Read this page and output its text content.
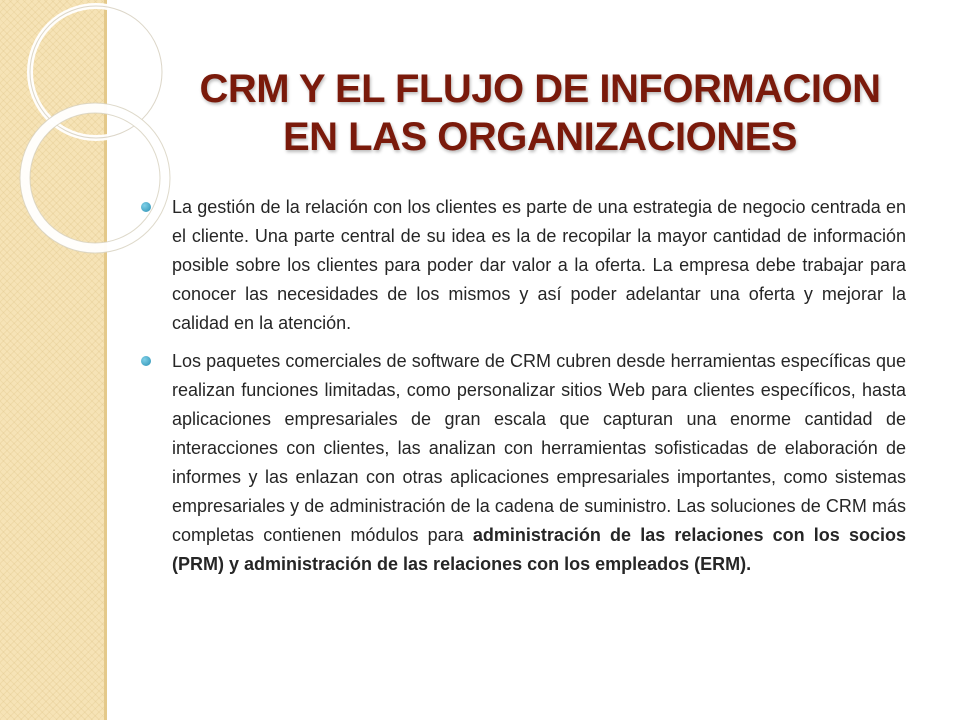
CRM Y EL FLUJO DE INFORMACION
EN LAS ORGANIZACIONES
La gestión de la relación con los clientes es parte de una estrategia de negocio centrada en el cliente. Una parte central de su idea es la de recopilar la mayor cantidad de información posible sobre los clientes para poder dar valor a la oferta. La empresa debe trabajar para conocer las necesidades de los mismos y así poder adelantar una oferta y mejorar la calidad en la atención.
Los paquetes comerciales de software de CRM cubren desde herramientas específicas que realizan funciones limitadas, como personalizar sitios Web para clientes específicos, hasta aplicaciones empresariales de gran escala que capturan una enorme cantidad de interacciones con clientes, las analizan con herramientas sofisticadas de elaboración de informes y las enlazan con otras aplicaciones empresariales importantes, como sistemas empresariales y de administración de la cadena de suministro. Las soluciones de CRM más completas contienen módulos para administración de las relaciones con los socios (PRM) y administración de las relaciones con los empleados (ERM).
